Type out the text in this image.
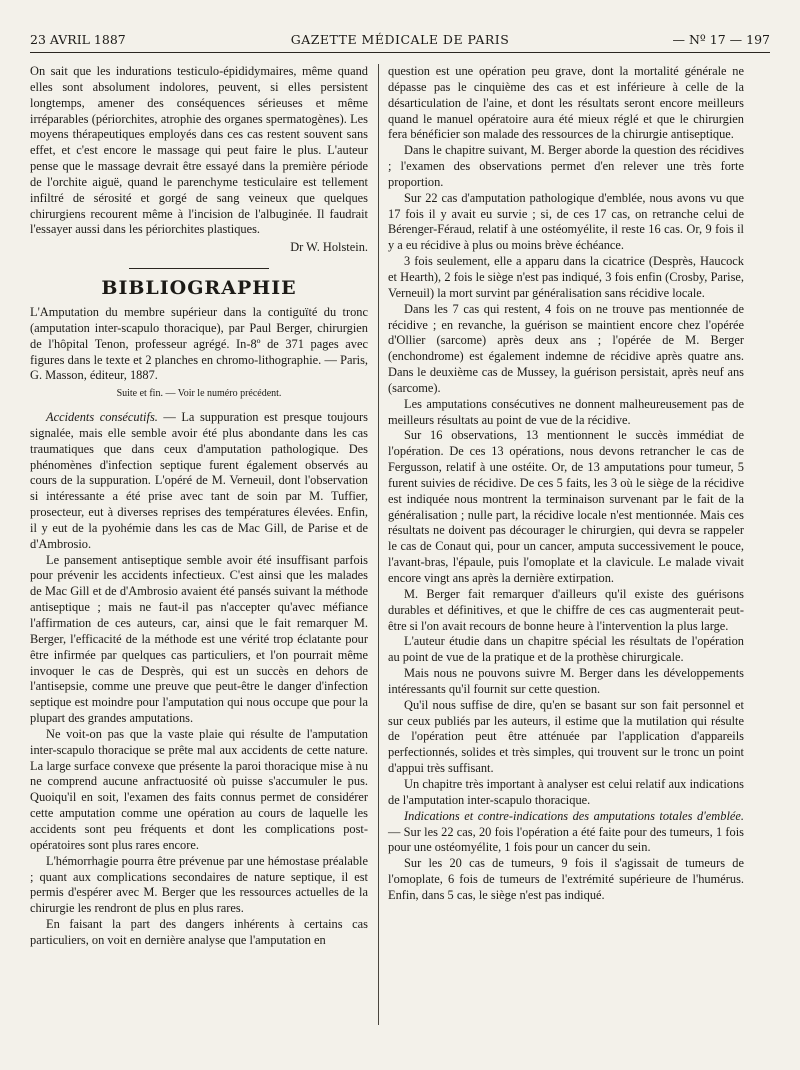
23 AVRIL 1887	GAZETTE MÉDICALE DE PARIS	— Nº 17 — 197

On sait que les indurations testiculo-épididymaires, même quand elles sont absolument indolores, peuvent, si elles persistent longtemps, amener des conséquences sérieuses et même irréparables (périorchites, atrophie des organes spermatogènes). Les moyens thérapeutiques employés dans ces cas restent souvent sans effet, et c'est encore le massage qui peut faire le plus. L'auteur pense que le massage devrait être essayé dans la première période de l'orchite aiguë, quand le parenchyme testiculaire est tellement infiltré de sérosité et gorgé de sang veineux que quelques chirurgiens recourent même à l'incision de l'albuginée. Il faudrait l'essayer aussi dans les périorchites plastiques.

Dr W. Holstein.
BIBLIOGRAPHIE

L'Amputation du membre supérieur dans la contiguïté du tronc (amputation inter-scapulo thoracique), par Paul Berger, chirurgien de l'hôpital Tenon, professeur agrégé. In-8º de 371 pages avec figures dans le texte et 2 planches en chromo-lithographie. — Paris, G. Masson, éditeur, 1887.

Suite et fin. — Voir le numéro précédent.

Accidents consécutifs. — La suppuration est presque toujours signalée, mais elle semble avoir été plus abondante dans les cas traumatiques que dans ceux d'amputation pathologique. Des phénomènes d'infection septique furent également observés au cours de la suppuration. L'opéré de M. Verneuil, dont l'observation si intéressante a été prise avec tant de soin par M. Tuffier, prosecteur, eut à diverses reprises des températures élevées. Enfin, il y eut de la pyohémie dans les cas de Mac Gill, de Parise et de d'Ambrosio.

Le pansement antiseptique semble avoir été insuffisant parfois pour prévenir les accidents infectieux. C'est ainsi que les malades de Mac Gill et de d'Ambrosio avaient été pansés suivant la méthode antiseptique ; mais ne faut-il pas n'accepter qu'avec méfiance l'affirmation de ces auteurs, car, ainsi que le fait remarquer M. Berger, l'efficacité de la méthode est une vérité trop éclatante pour être infirmée par quelques cas particuliers, et l'on pourrait même invoquer le cas de Desprès, qui est un succès en dehors de l'antisepsie, comme une preuve que peut-être le danger d'infection septique est moindre pour l'amputation qui nous occupe que pour la plupart des grandes amputations.

Ne voit-on pas que la vaste plaie qui résulte de l'amputation inter-scapulo thoracique se prête mal aux accidents de cette nature. La large surface convexe que présente la paroi thoracique mise à nu ne comprend aucune anfractuosité où puisse s'accumuler le pus. Quoiqu'il en soit, l'examen des faits connus permet de considérer cette amputation comme une opération au cours de laquelle les accidents sont peu fréquents et dont les complications post-opératoires sont plus rares encore.

L'hémorrhagie pourra être prévenue par une hémostase préalable ; quant aux complications secondaires de nature septique, il est permis d'espérer avec M. Berger que les ressources actuelles de la chirurgie les rendront de plus en plus rares.

En faisant la part des dangers inhérents à certains cas particuliers, on voit en dernière analyse que l'amputation en

question est une opération peu grave, dont la mortalité générale ne dépasse pas le cinquième des cas et est inférieure à celle de la désarticulation de l'aine, et dont les résultats seront encore meilleurs quand le manuel opératoire aura été mieux réglé et que le chirurgien fera bénéficier son malade des ressources de la chirurgie antiseptique.

Dans le chapitre suivant, M. Berger aborde la question des récidives ; l'examen des observations permet d'en relever une très forte proportion.

Sur 22 cas d'amputation pathologique d'emblée, nous avons vu que 17 fois il y avait eu survie ; si, de ces 17 cas, on retranche celui de Bérenger-Féraud, relatif à une ostéomyélite, il reste 16 cas. Or, 9 fois il y a eu récidive à plus ou moins brève échéance.

3 fois seulement, elle a apparu dans la cicatrice (Desprès, Haucock et Hearth), 2 fois le siège n'est pas indiqué, 3 fois enfin (Crosby, Parise, Verneuil) la mort survint par généralisation sans récidive locale.

Dans les 7 cas qui restent, 4 fois on ne trouve pas mentionnée de récidive ; en revanche, la guérison se maintient encore chez l'opérée d'Ollier (sarcome) après deux ans ; l'opérée de M. Berger (enchondrome) est également indemne de récidive après quatre ans. Dans le deuxième cas de Mussey, la guérison persistait, après neuf ans (sarcome).

Les amputations consécutives ne donnent malheureusement pas de meilleurs résultats au point de vue de la récidive.

Sur 16 observations, 13 mentionnent le succès immédiat de l'opération. De ces 13 opérations, nous devons retrancher le cas de Fergusson, relatif à une ostéite. Or, de 13 amputations pour tumeur, 5 furent suivies de récidive. De ces 5 faits, les 3 où le siège de la récidive est indiquée nous montrent la terminaison survenant par le fait de la généralisation ; nulle part, la récidive locale n'est mentionnée. Mais ces résultats ne doivent pas décourager le chirurgien, qui devra se rappeler le cas de Conaut qui, pour un cancer, amputa successivement le pouce, l'avant-bras, l'épaule, puis l'omoplate et la clavicule. Le malade vivait encore vingt ans après la dernière extirpation.

M. Berger fait remarquer d'ailleurs qu'il existe des guérisons durables et définitives, et que le chiffre de ces cas augmenterait peut-être si l'on avait recours de bonne heure à l'intervention la plus large.

L'auteur étudie dans un chapitre spécial les résultats de l'opération au point de vue de la pratique et de la prothèse chirurgicale.

Mais nous ne pouvons suivre M. Berger dans les développements intéressants qu'il fournit sur cette question.

Qu'il nous suffise de dire, qu'en se basant sur son fait personnel et sur ceux publiés par les auteurs, il estime que la mutilation qui résulte de l'opération peut être atténuée par l'application d'appareils perfectionnés, solides et très simples, qui trouvent sur le tronc un point d'appui très suffisant.

Un chapitre très important à analyser est celui relatif aux indications de l'amputation inter-scapulo thoracique.

Indications et contre-indications des amputations totales d'emblée. — Sur les 22 cas, 20 fois l'opération a été faite pour des tumeurs, 1 fois pour une ostéomyélite, 1 fois pour un cancer du sein.

Sur les 20 cas de tumeurs, 9 fois il s'agissait de tumeurs de l'omoplate, 6 fois de tumeurs de l'extrémité supérieure de l'humérus. Enfin, dans 5 cas, le siège n'est pas indiqué.
